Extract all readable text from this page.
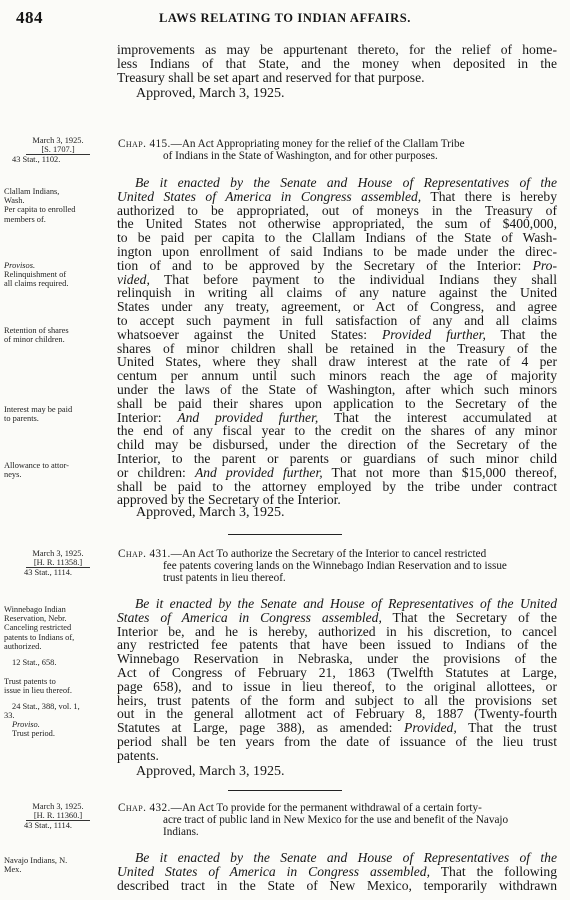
484	LAWS RELATING TO INDIAN AFFAIRS.
improvements as may be appurtenant thereto, for the relief of home-
less Indians of that State, and the money when deposited in the
Treasury shall be set apart and reserved for that purpose.
Approved, March 3, 1925.
March 3, 1925.
[S. 1707.]
43 Stat., 1102.
Chap. 415.—An Act Appropriating money for the relief of the Clallam Tribe
of Indians in the State of Washington, and for other purposes.
Be it enacted by the Senate and House of Representatives of the
United States of America in Congress assembled, That there is hereby
authorized to be appropriated, out of moneys in the Treasury of
the United States not otherwise appropriated, the sum of $400,000,
to be paid per capita to the Clallam Indians of the State of Wash-
ington upon enrollment of said Indians to be made under the direc-
tion of and to be approved by the Secretary of the Interior: Pro-
vided, That before payment to the individual Indians they shall
relinquish in writing all claims of any nature against the United
States under any treaty, agreement, or Act of Congress, and agree
to accept such payment in full satisfaction of any and all claims
whatsoever against the United States: Provided further, That the
shares of minor children shall be retained in the Treasury of the
United States, where they shall draw interest at the rate of 4 per
centum per annum until such minors reach the age of majority
under the laws of the State of Washington, after which such minors
shall be paid their shares upon application to the Secretary of the
Interior: And provided further, That the interest accumulated at
the end of any fiscal year to the credit on the shares of any minor
child may be disbursed, under the direction of the Secretary of the
Interior, to the parent or parents or guardians of such minor child
or children: And provided further, That not more than $15,000 thereof,
shall be paid to the attorney employed by the tribe under contract
approved by the Secretary of the Interior.
Approved, March 3, 1925.
Clallam Indians,
Wash.
Per capita to enrolled
members of.
Provisos.
Relinquishment of
all claims required.
Retention of shares
of minor children.
Interest may be paid
to parents.
Allowance to attor-
neys.
March 3, 1925.
[H. R. 11358.]
43 Stat., 1114.
Chap. 431.—An Act To authorize the Secretary of the Interior to cancel restricted
fee patents covering lands on the Winnebago Indian Reservation and to issue
trust patents in lieu thereof.
Be it enacted by the Senate and House of Representatives of the United
States of America in Congress assembled, That the Secretary of the
Interior be, and he is hereby, authorized in his discretion, to cancel
any restricted fee patents that have been issued to Indians of the
Winnebago Reservation in Nebraska, under the provisions of the
Act of Congress of February 21, 1863 (Twelfth Statutes at Large,
page 658), and to issue in lieu thereof, to the original allottees, or
heirs, trust patents of the form and subject to all the provisions set
out in the general allotment act of February 8, 1887 (Twenty-fourth
Statutes at Large, page 388), as amended: Provided, That the trust
period shall be ten years from the date of issuance of the lieu trust
patents.
Approved, March 3, 1925.
Winnebago Indian
Reservation, Nebr.
Canceling restricted
patents to Indians of,
authorized.
12 Stat., 658.
Trust patents to
issue in lieu thereof.
24 Stat., 388, vol. 1,
33.
Proviso.
Trust period.
March 3, 1925.
[H. R. 11360.]
43 Stat., 1114.
Chap. 432.—An Act To provide for the permanent withdrawal of a certain forty-
acre tract of public land in New Mexico for the use and benefit of the Navajo
Indians.
Be it enacted by the Senate and House of Representatives of the
United States of America in Congress assembled, That the following
described tract in the State of New Mexico, temporarily withdrawn
Navajo Indians, N.
Mex.
